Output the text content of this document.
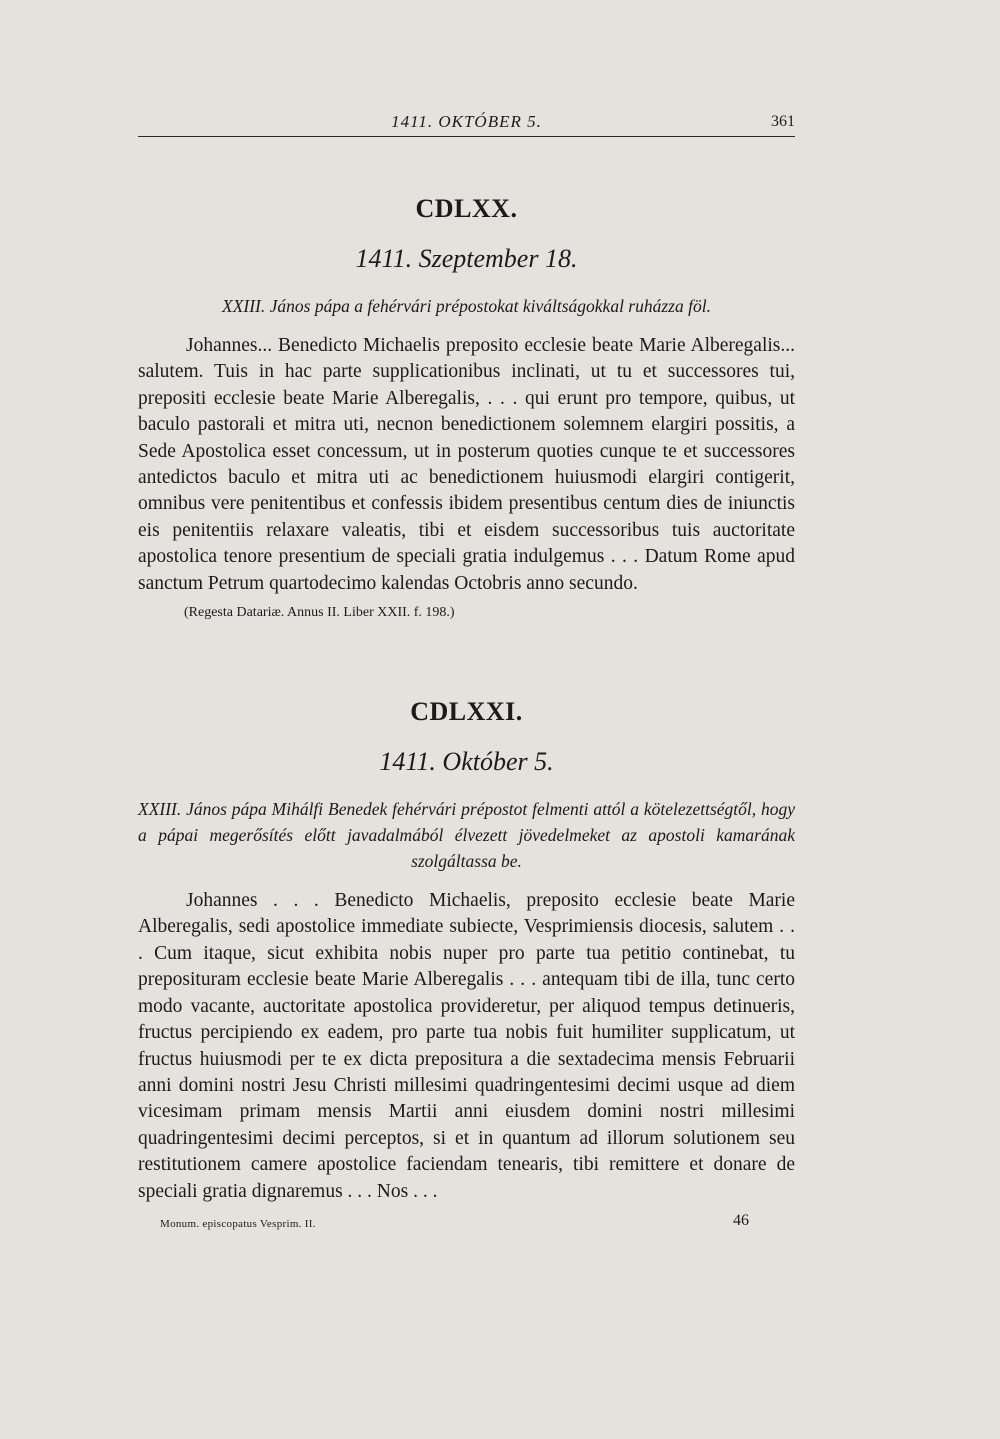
1411. OKTÓBER 5.	361
CDLXX.

1411. Szeptember 18.

XXIII. János pápa a fehérvári prépostokat kiváltságokkal ruházza föl.

Johannes... Benedicto Michaelis preposito ecclesie beate Marie Alberegalis... salutem. Tuis in hac parte supplicationibus inclinati, ut tu et successores tui, prepositi ecclesie beate Marie Alberegalis, . . . qui erunt pro tempore, quibus, ut baculo pastorali et mitra uti, necnon benedictionem solemnem elargiri possitis, a Sede Apostolica esset concessum, ut in posterum quoties cunque te et successores antedictos baculo et mitra uti ac benedictionem huiusmodi elargiri contigerit, omnibus vere penitentibus et confessis ibidem presentibus centum dies de iniunctis eis penitentiis relaxare valeatis, tibi et eisdem successoribus tuis auctoritate apostolica tenore presentium de speciali gratia indulgemus . . . Datum Rome apud sanctum Petrum quartodecimo kalendas Octobris anno secundo.

(Regesta Datariæ. Annus II. Liber XXII. f. 198.)

CDLXXI.

1411. Október 5.

XXIII. János pápa Mihálfi Benedek fehérvári prépostot felmenti attól a kötelezettségtől, hogy a pápai megerősítés előtt javadalmából élvezett jövedelmeket az apostoli kamarának szolgáltassa be.

Johannes . . . Benedicto Michaelis, preposito ecclesie beate Marie Alberegalis, sedi apostolice immediate subiecte, Vesprimiensis diocesis, salutem . . . Cum itaque, sicut exhibita nobis nuper pro parte tua petitio continebat, tu preposituram ecclesie beate Marie Alberegalis . . . antequam tibi de illa, tunc certo modo vacante, auctoritate apostolica provideretur, per aliquod tempus detinueris, fructus percipiendo ex eadem, pro parte tua nobis fuit humiliter supplicatum, ut fructus huiusmodi per te ex dicta prepositura a die sextadecima mensis Februarii anni domini nostri Jesu Christi millesimi quadringentesimi decimi usque ad diem vicesimam primam mensis Martii anni eiusdem domini nostri millesimi quadringentesimi decimi perceptos, si et in quantum ad illorum solutionem seu restitutionem camere apostolice faciendam tenearis, tibi remittere et donare de speciali gratia dignaremus . . . Nos . . .

Monum. episcopatus Vesprim. II.	46
